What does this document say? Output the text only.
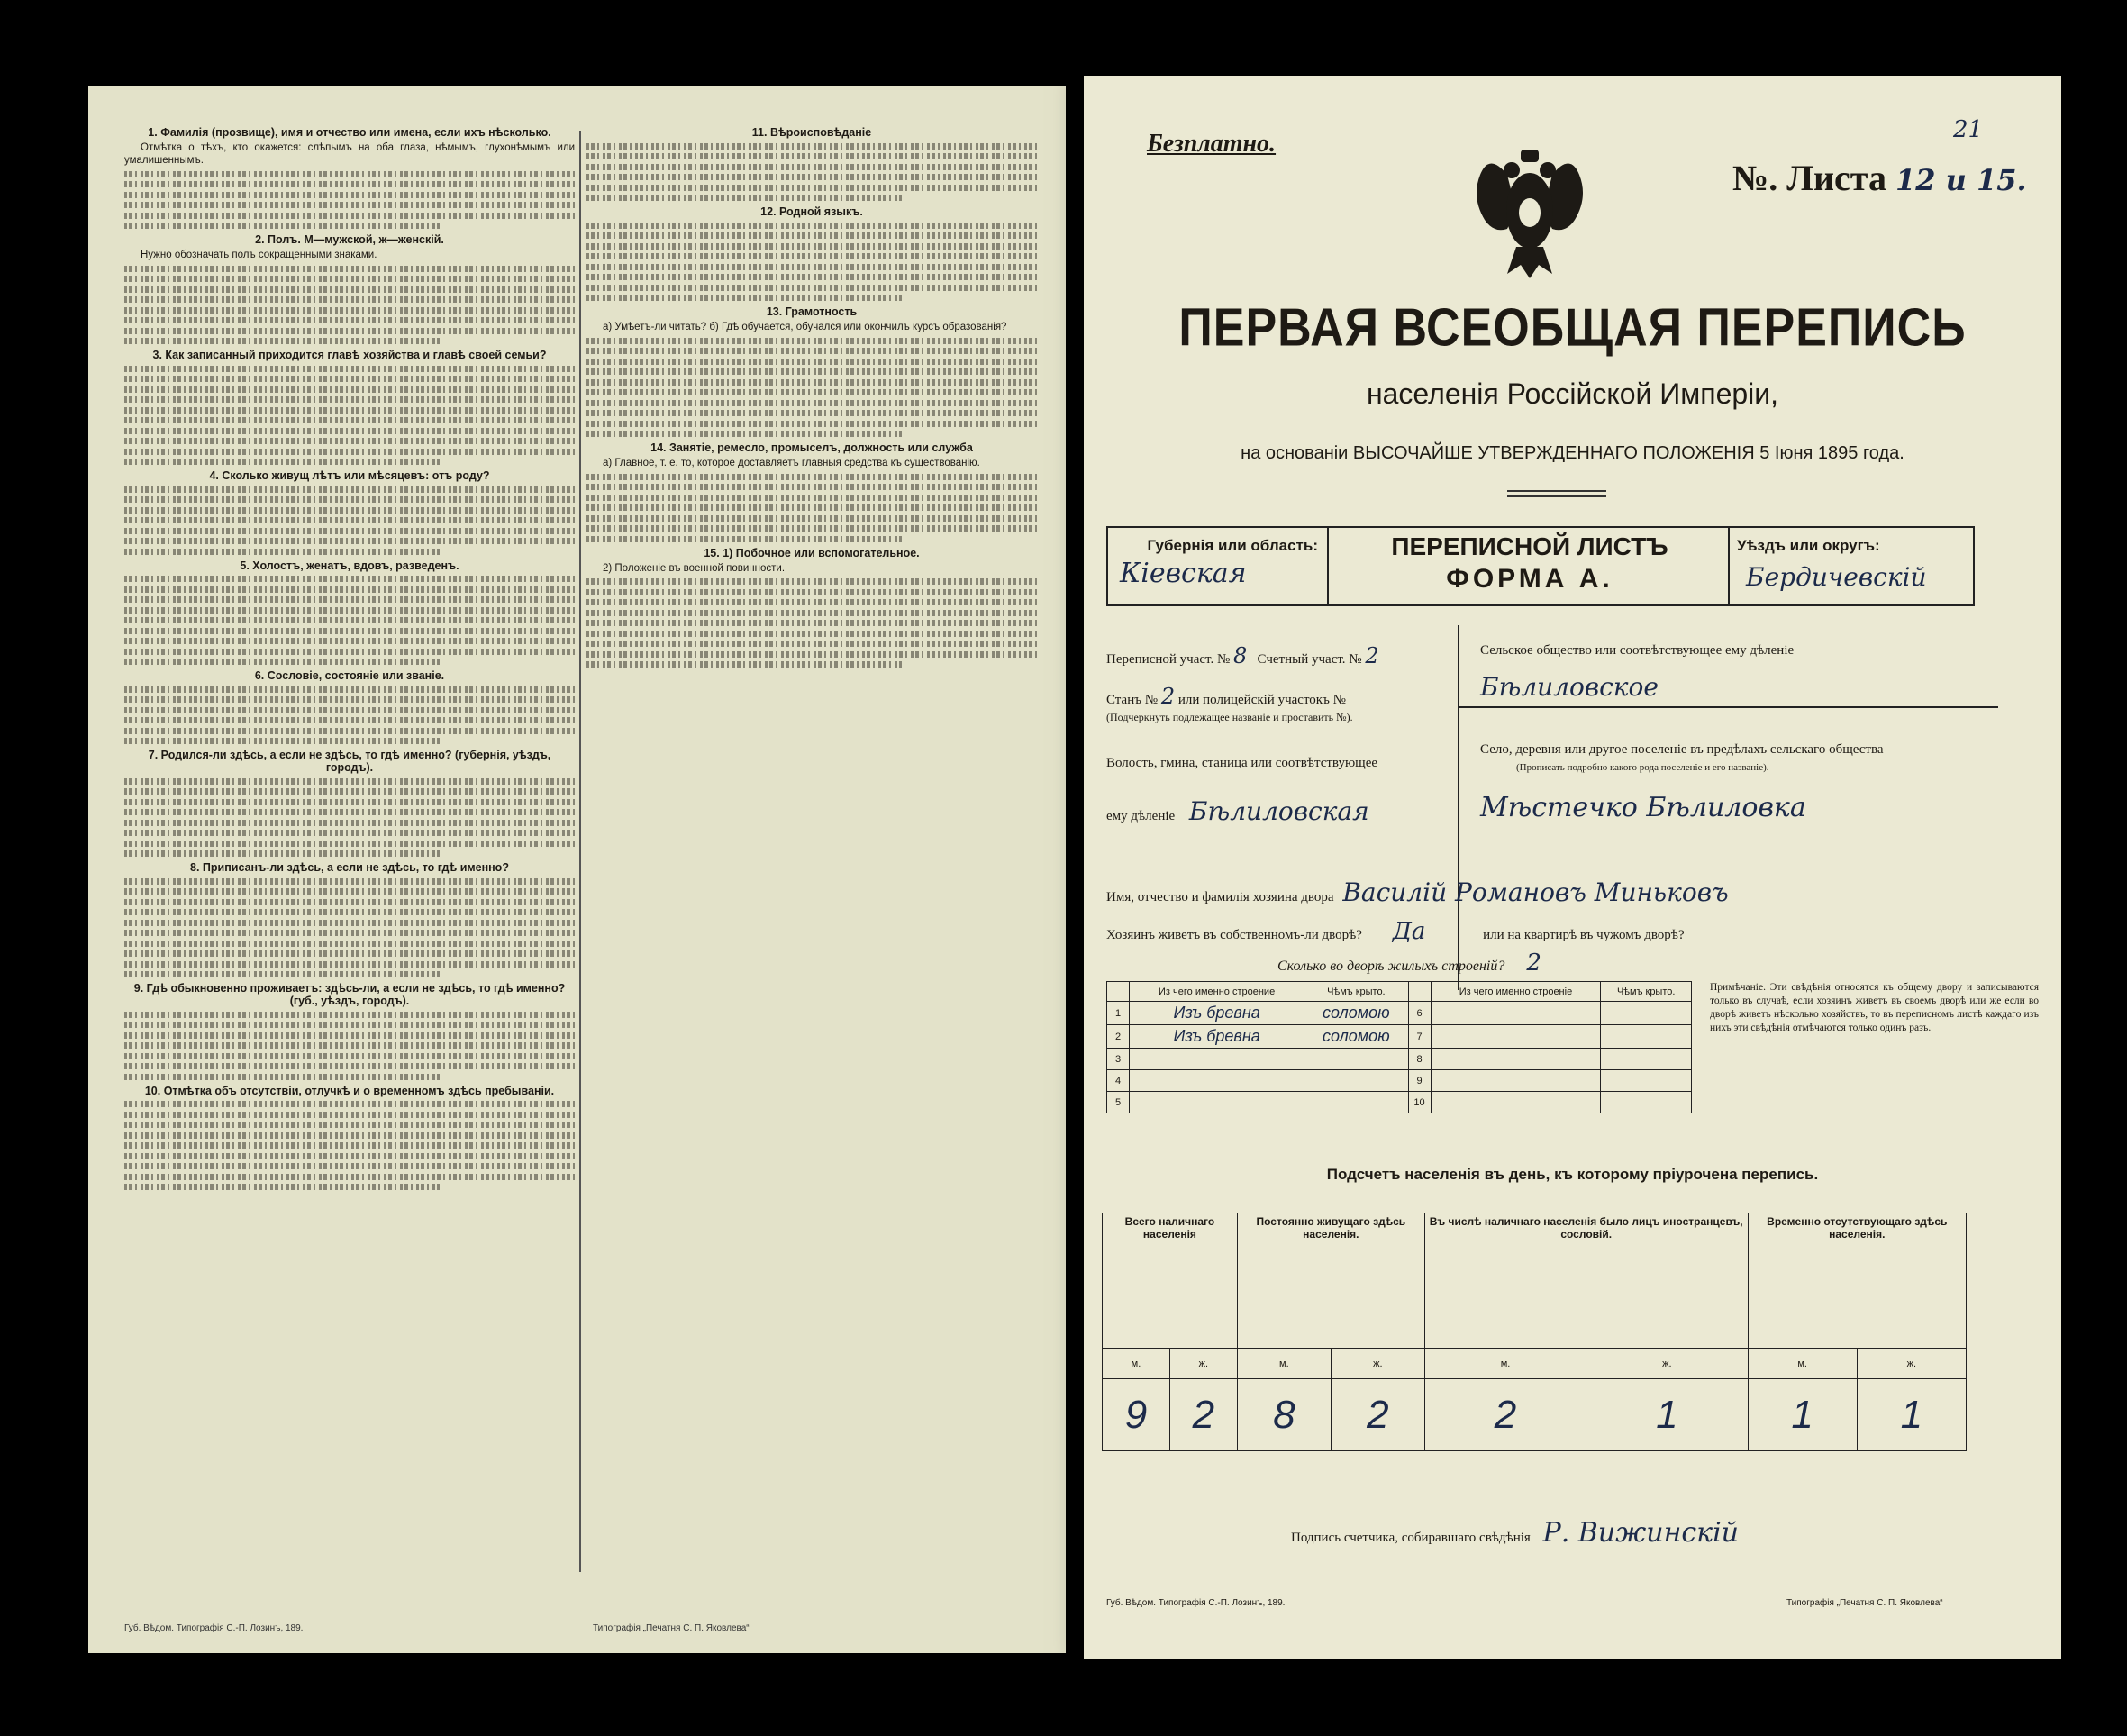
1. Фамилія (прозвище), имя и отчество или имена, если ихъ нѣсколько.

Отмѣтка о тѣхъ, кто окажется: слѣпымъ на оба глаза, нѣмымъ, глухонѣмымъ или умалишеннымъ.

2. Полъ. М—мужской, ж—женскій.

Нужно обозначать полъ сокращенными знаками.

3. Как записанный приходится главѣ хозяйства и главѣ своей семьи?
4. Сколько живущ лѣтъ или мѣсяцевъ: отъ роду?
5. Холостъ, женатъ, вдовъ, разведенъ.
6. Сословіе, состояніе или званіе.
7. Родился-ли здѣсь, а если не здѣсь, то гдѣ именно? (губернія, уѣздъ, городъ).
8. Приписанъ-ли здѣсь, а если не здѣсь, то гдѣ именно?
9. Гдѣ обыкновенно проживаетъ: здѣсь-ли, а если не здѣсь, то гдѣ именно? (губ., уѣздъ, городъ).
10. Отмѣтка объ отсутствіи, отлучкѣ и о временномъ здѣсь пребываніи.
11. Вѣроисповѣданіе
12. Родной языкъ.
13. Грамотность

а) Умѣетъ-ли читать? б) Гдѣ обучается, обучался или окончилъ курсъ образованія?

14. Занятіе, ремесло, промыселъ, должность или служба

а) Главное, т. е. то, которое доставляетъ главныя средства къ существованію.

15. 1) Побочное или вспомогательное.

2) Положеніе въ военной повинности.

Губ. Вѣдом. Типографія С.-П. Лозинъ, 189.	Типографія „Печатня С. П. Яковлева“
Безплатно.
№. Листа 12 и 15.
21
ПЕРВАЯ ВСЕОБЩАЯ ПЕРЕПИСЬ
населенія Россійской Имперіи,
на основаніи ВЫСОЧАЙШЕ УТВЕРЖДЕННАГО ПОЛОЖЕНІЯ 5 Іюня 1895 года.
Губернія или область:
Кіевская
ПЕРЕПИСНОЙ ЛИСТЪ
ФОРМА А.
Уѣздъ или округъ:
Бердичевскій
Переписной участ. № 8 Счетный участ. № 2
Станъ № 2 или полицейскій участокъ №
(Подчеркнуть подлежащее названіе и проставить №).
Волость, гмина, станица или соотвѣтствующее
ему дѣленіе Бѣлиловская
Сельское общество или соотвѣтствующее ему дѣленіе
Бѣлиловское
Село, деревня или другое поселеніе въ предѣлахъ сельскаго общества
(Прописать подробно какого рода поселеніе и его названіе).
Мѣстечко Бѣлиловка
Имя, отчество и фамилія хозяина двора Василій Романовъ Миньковъ
Хозяинъ живетъ въ собственномъ-ли дворѣ? Да	или на квартирѣ въ чужомъ дворѣ?
Сколько во дворѣ жилыхъ строеній? 2
	Из чего именно строение	Чѣмъ крыто.		Из чего именно строеніе	Чѣмъ крыто.
1	Изъ бревна	соломою	6		
2	Изъ бревна	соломою	7		
3			8		
4			9		
5			10		
Примѣчаніе. Эти свѣдѣнія относятся къ общему двору и записываются только въ случаѣ, если хозяинъ живетъ въ своемъ дворѣ или же если во дворѣ живетъ нѣсколько хозяйствъ, то въ переписномъ листѣ каждаго изъ нихъ эти свѣдѣнія отмѣчаются только одинъ разъ.
Подсчетъ населенія въ день, къ которому пріурочена перепись.
Всего наличнаго населенія		Постоянно живущаго здѣсь населенія.		Въ числѣ наличнаго населенія было лицъ иностранцевъ, сословій.		Временно отсутствующаго здѣсь населенія.	
м.	ж.	м.	ж.	м.	ж.	м.	ж.
9	2	8	2	2	1	1	1
Подпись счетчика, собиравшаго свѣдѣнія Р. Вижинскій
Губ. Вѣдом. Типографія С.-П. Лозинъ, 189.	Типографія „Печатня С. П. Яковлева“
